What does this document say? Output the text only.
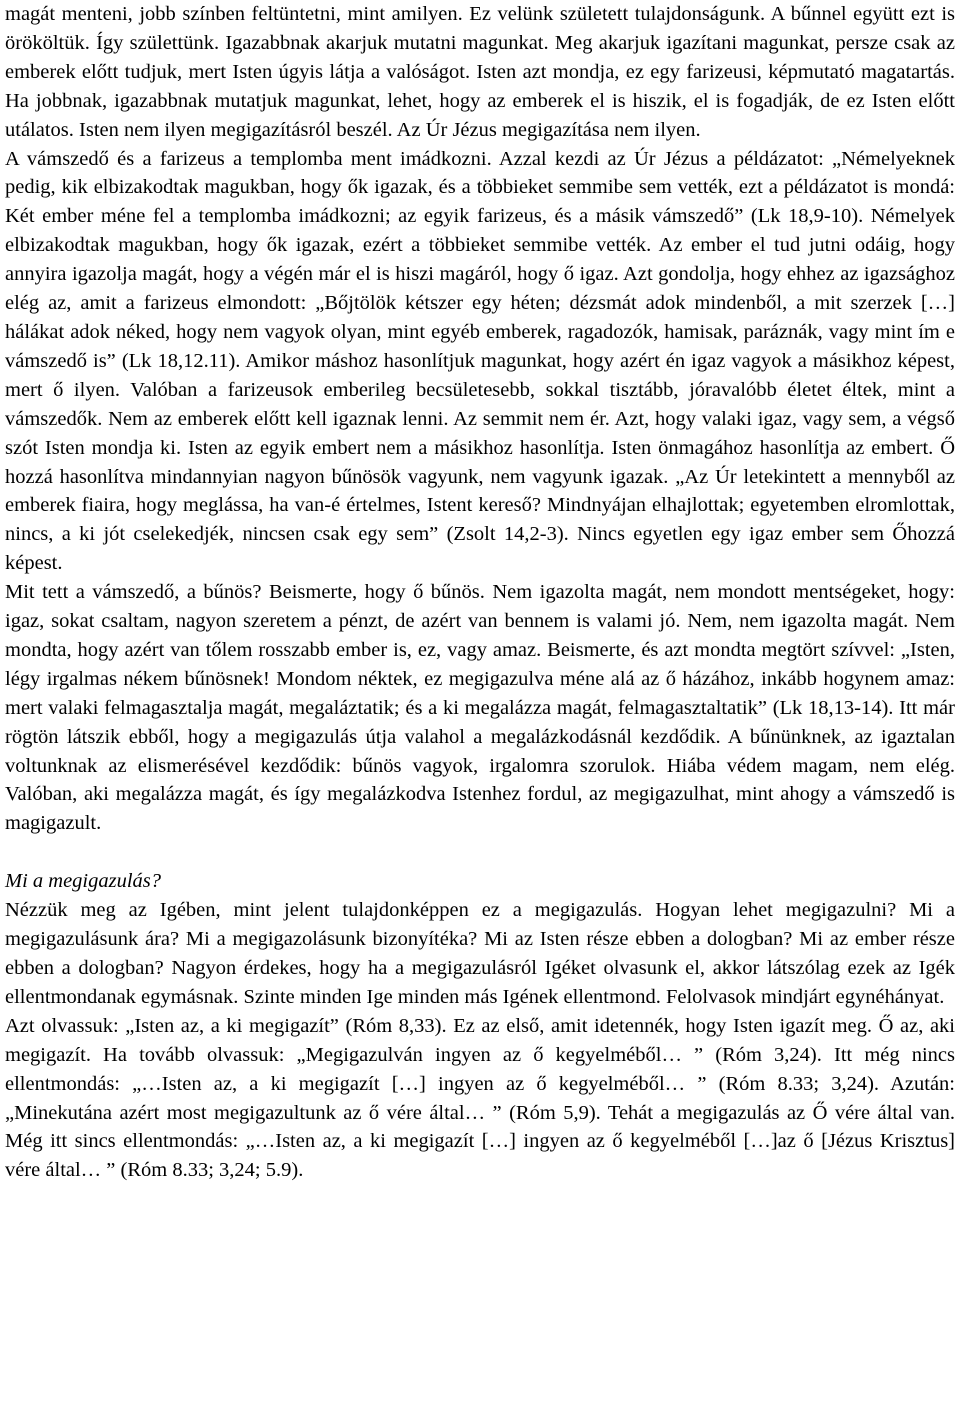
magát menteni, jobb színben feltüntetni, mint amilyen. Ez velünk született tulajdonságunk. A bűnnel együtt ezt is örököltük. Így születtünk. Igazabbnak akarjuk mutatni magunkat. Meg akarjuk igazítani magunkat, persze csak az emberek előtt tudjuk, mert Isten úgyis látja a valóságot. Isten azt mondja, ez egy farizeusi, képmutató magatartás. Ha jobbnak, igazabbnak mutatjuk magunkat, lehet, hogy az emberek el is hiszik, el is fogadják, de ez Isten előtt utálatos. Isten nem ilyen megigazításról beszél. Az Úr Jézus megigazítása nem ilyen.

A vámszedő és a farizeus a templomba ment imádkozni. Azzal kezdi az Úr Jézus a példázatot: „Némelyeknek pedig, kik elbizakodtak magukban, hogy ők igazak, és a többieket semmibe sem vették, ezt a példázatot is mondá: Két ember méne fel a templomba imádkozni; az egyik farizeus, és a másik vámszedő” (Lk 18,9-10). Némelyek elbizakodtak magukban, hogy ők igazak, ezért a többieket semmibe vették. Az ember el tud jutni odáig, hogy annyira igazolja magát, hogy a végén már el is hiszi magáról, hogy ő igaz. Azt gondolja, hogy ehhez az igazsághoz elég az, amit a farizeus elmondott: „Bőjtölök kétszer egy héten; dézsmát adok mindenből, a mit szerzek […] hálákat adok néked, hogy nem vagyok olyan, mint egyéb emberek, ragadozók, hamisak, paráznák, vagy mint ím e vámszedő is” (Lk 18,12.11). Amikor máshoz hasonlítjuk magunkat, hogy azért én igaz vagyok a másikhoz képest, mert ő ilyen. Valóban a farizeusok emberileg becsületesebb, sokkal tisztább, jóravalóbb életet éltek, mint a vámszedők. Nem az emberek előtt kell igaznak lenni. Az semmit nem ér. Azt, hogy valaki igaz, vagy sem, a végső szót Isten mondja ki. Isten az egyik embert nem a másikhoz hasonlítja. Isten önmagához hasonlítja az embert. Ő hozzá hasonlítva mindannyian nagyon bűnösök vagyunk, nem vagyunk igazak. „Az Úr letekintett a mennyből az emberek fiaira, hogy meglássa, ha van-é értelmes, Istent kereső? Mindnyájan elhajlottak; egyetemben elromlottak, nincs, a ki jót cselekedjék, nincsen csak egy sem” (Zsolt 14,2-3). Nincs egyetlen egy igaz ember sem Őhozzá képest.

Mit tett a vámszedő, a bűnös? Beismerte, hogy ő bűnös. Nem igazolta magát, nem mondott mentségeket, hogy: igaz, sokat csaltam, nagyon szeretem a pénzt, de azért van bennem is valami jó. Nem, nem igazolta magát. Nem mondta, hogy azért van tőlem rosszabb ember is, ez, vagy amaz. Beismerte, és azt mondta megtört szívvel: „Isten, légy irgalmas nékem bűnösnek! Mondom néktek, ez megigazulva méne alá az ő házához, inkább hogynem amaz: mert valaki felmagasztalja magát, megaláztatik; és a ki megalázza magát, felmagasztaltatik” (Lk 18,13-14). Itt már rögtön látszik ebből, hogy a megigazulás útja valahol a megalázkodásnál kezdődik. A bűnünknek, az igaztalan voltunknak az elismerésével kezdődik: bűnös vagyok, irgalomra szorulok. Hiába védem magam, nem elég. Valóban, aki megalázza magát, és így megalázkodva Istenhez fordul, az megigazulhat, mint ahogy a vámszedő is magigazult.

Mi a megigazulás?

Nézzük meg az Igében, mint jelent tulajdonképpen ez a megigazulás. Hogyan lehet megigazulni? Mi a megigazulásunk ára? Mi a megigazolásunk bizonyítéka? Mi az Isten része ebben a dologban? Mi az ember része ebben a dologban? Nagyon érdekes, hogy ha a megigazulásról Igéket olvasunk el, akkor látszólag ezek az Igék ellentmondanak egymásnak. Szinte minden Ige minden más Igének ellentmond. Felolvasok mindjárt egynéhányat.

Azt olvassuk: „Isten az, a ki megigazít” (Róm 8,33). Ez az első, amit idetennék, hogy Isten igazít meg. Ő az, aki megigazít. Ha tovább olvassuk: „Megigazulván ingyen az ő kegyelméből… ” (Róm 3,24). Itt még nincs ellentmondás: „…Isten az, a ki megigazít […] ingyen az ő kegyelméből… ” (Róm 8.33; 3,24). Azután: „Minekutána azért most megigazultunk az ő vére által… ” (Róm 5,9). Tehát a megigazulás az Ő vére által van. Még itt sincs ellentmondás: „…Isten az, a ki megigazít […] ingyen az ő kegyelméből […]az ő [Jézus Krisztus] vére által… ” (Róm 8.33; 3,24; 5.9).
